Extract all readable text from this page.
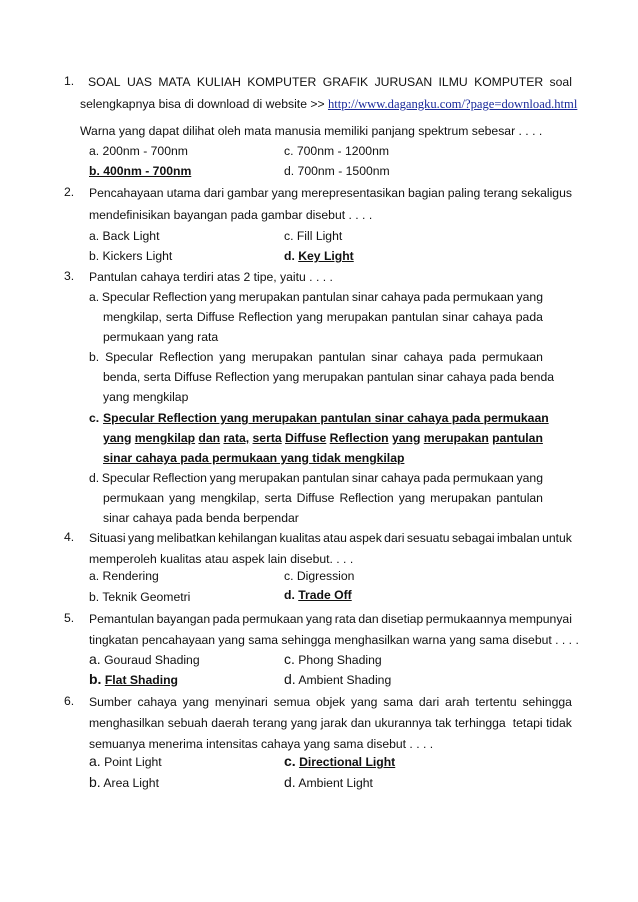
1. SOAL UAS MATA KULIAH KOMPUTER GRAFIK JURUSAN ILMU KOMPUTER soal
selengkapnya bisa di download di website >> http://www.dagangku.com/?page=download.html
Warna yang dapat dilihat oleh mata manusia memiliki panjang spektrum sebesar . . . .
a. 200nm - 700nm	c. 700nm - 1200nm
b. 400nm - 700nm	d. 700nm - 1500nm
2. Pencahayaan utama dari gambar yang merepresentasikan bagian paling terang sekaligus
mendefinisikan bayangan pada gambar disebut . . . .
a. Back Light	c. Fill Light
b. Kickers Light	d. Key Light
3. Pantulan cahaya terdiri atas 2 tipe, yaitu . . . .
a. Specular Reflection yang merupakan pantulan sinar cahaya pada permukaan yang
mengkilap, serta Diffuse Reflection yang merupakan pantulan sinar cahaya pada
permukaan yang rata
b. Specular Reflection yang merupakan pantulan sinar cahaya pada permukaan
benda, serta Diffuse Reflection yang merupakan pantulan sinar cahaya pada benda
yang mengkilap
c. Specular Reflection yang merupakan pantulan sinar cahaya pada permukaan
yang mengkilap dan rata, serta Diffuse Reflection yang merupakan pantulan
sinar cahaya pada permukaan yang tidak mengkilap
d. Specular Reflection yang merupakan pantulan sinar cahaya pada permukaan yang
permukaan yang mengkilap, serta Diffuse Reflection yang merupakan pantulan
sinar cahaya pada benda berpendar
4. Situasi yang melibatkan kehilangan kualitas atau aspek dari sesuatu sebagai imbalan untuk
memperoleh kualitas atau aspek lain disebut. . . .
a. Rendering	c. Digression
b. Teknik Geometri	d. Trade Off
5. Pemantulan bayangan pada permukaan yang rata dan disetiap permukaannya mempunyai
tingkatan pencahayaan yang sama sehingga menghasilkan warna yang sama disebut . . . .
a. Gouraud Shading	c. Phong Shading
b. Flat Shading	d. Ambient Shading
6. Sumber cahaya yang menyinari semua objek yang sama dari arah tertentu sehingga
menghasilkan sebuah daerah terang yang jarak dan ukurannya tak terhingga tetapi tidak
semuanya menerima intensitas cahaya yang sama disebut . . . .
a. Point Light	c. Directional Light
b. Area Light	d. Ambient Light
